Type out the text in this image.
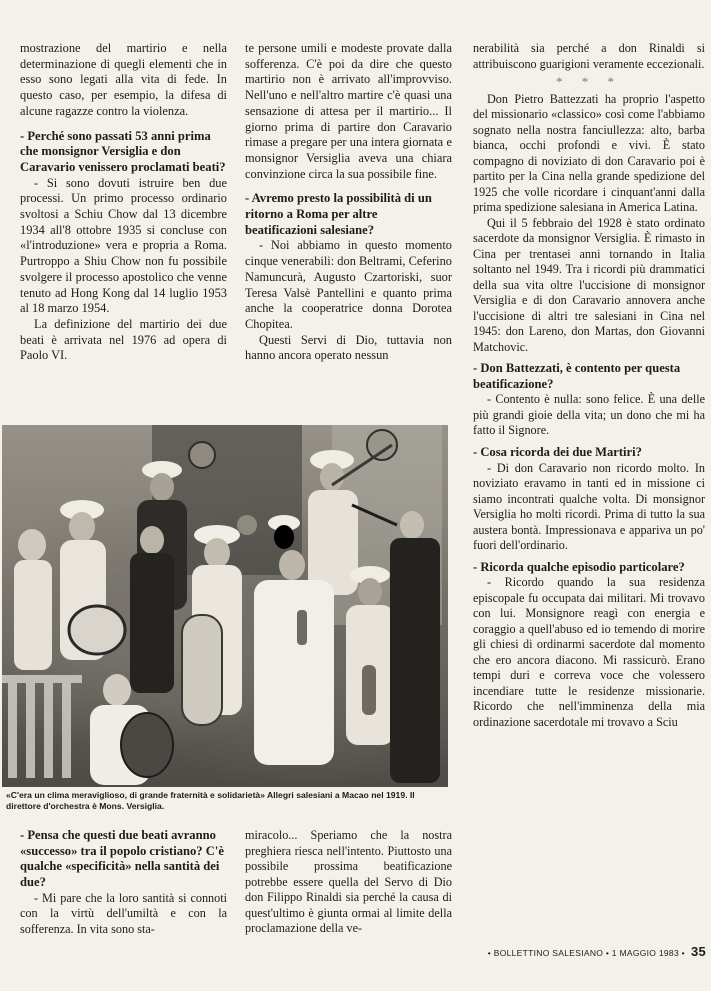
mostrazione del martirio e nella determinazione di quegli elementi che in esso sono legati alla vita di fede. In questo caso, per esempio, la difesa di alcune ragazze contro la violenza.

- Perché sono passati 53 anni prima che monsignor Versiglia e don Caravario venissero proclamati beati?

- Si sono dovuti istruire ben due processi. Un primo processo ordinario svoltosi a Schiu Chow dal 13 dicembre 1934 all'8 ottobre 1935 si concluse con «l'introduzione» vera e propria a Roma. Purtroppo a Shiu Chow non fu possibile svolgere il processo apostolico che venne tenuto ad Hong Kong dal 14 luglio 1953 al 18 marzo 1954.

La definizione del martirio dei due beati è arrivata nel 1976 ad opera di Paolo VI.

te persone umili e modeste provate dalla sofferenza. C'è poi da dire che questo martirio non è arrivato all'improvviso. Nell'uno e nell'altro martire c'è quasi una sensazione di attesa per il martirio... Il giorno prima di partire don Caravario rimase a pregare per una intera giornata e monsignor Versiglia aveva una chiara convinzione circa la sua possibile fine.

- Avremo presto la possibilità di un ritorno a Roma per altre beatificazioni salesiane?

- Noi abbiamo in questo momento cinque venerabili: don Beltrami, Ceferino Namuncurà, Augusto Czartoriski, suor Teresa Valsè Pantellini e quanto prima anche la cooperatrice donna Dorotea Chopitea.

Questi Servi di Dio, tuttavia non hanno ancora operato nessun

nerabilità sia perché a don Rinaldi si attribuiscono guarigioni veramente eccezionali.

* * *

Don Pietro Battezzati ha proprio l'aspetto del missionario «classico» così come l'abbiamo sognato nella nostra fanciullezza: alto, barba bianca, occhi profondi e vivi. È stato compagno di noviziato di don Caravario poi è partito per la Cina nella grande spedizione del 1925 che volle ricordare i cinquant'anni dalla prima spedizione salesiana in America Latina.

Qui il 5 febbraio del 1928 è stato ordinato sacerdote da monsignor Versiglia. È rimasto in Cina per trentasei anni tornando in Italia soltanto nel 1949. Tra i ricordi più drammatici della sua vita oltre l'uccisione di monsignor Versiglia e di don Caravario annovera anche l'uccisione di altri tre salesiani in Cina nel 1945: don Lareno, don Martas, don Giovanni Matchovic.

- Don Battezzati, è contento per questa beatificazione?

- Contento è nulla: sono felice. È una delle più grandi gioie della vita; un dono che mi ha fatto il Signore.

- Cosa ricorda dei due Martiri?

- Di don Caravario non ricordo molto. In noviziato eravamo in tanti ed in missione ci siamo incontrati qualche volta. Di monsignor Versiglia ho molti ricordi. Prima di tutto la sua austera bontà. Impressionava e appariva un po' fuori dell'ordinario.

- Ricorda qualche episodio particolare?

- Ricordo quando la sua residenza episcopale fu occupata dai militari. Mi trovavo con lui. Monsignore reagì con energia e coraggio a quell'abuso ed io temendo di morire gli chiesi di ordinarmi sacerdote dal momento che ero ancora diacono. Mi rassicurò. Erano tempi duri e correva voce che volessero incendiare tutte le residenze missionarie. Ricordo che nell'imminenza della mia ordinazione sacerdotale mi trovavo a Sciu

«C'era un clima meraviglioso, di grande fraternità e solidarietà» Allegri salesiani a Macao nel 1919. Il direttore d'orchestra è Mons. Versiglia.
- Pensa che questi due beati avranno «successo» tra il popolo cristiano? C'è qualche «specificità» nella santità dei due?

- Mi pare che la loro santità si connoti con la virtù dell'umiltà e con la sofferenza. In vita sono sta-

miracolo... Speriamo che la nostra preghiera riesca nell'intento. Piuttosto una possibile prossima beatificazione potrebbe essere quella del Servo di Dio don Filippo Rinaldi sia perché la causa di quest'ultimo è giunta ormai al limite della proclamazione della ve-

• BOLLETTINO SALESIANO • 1 MAGGIO 1983 • 35
